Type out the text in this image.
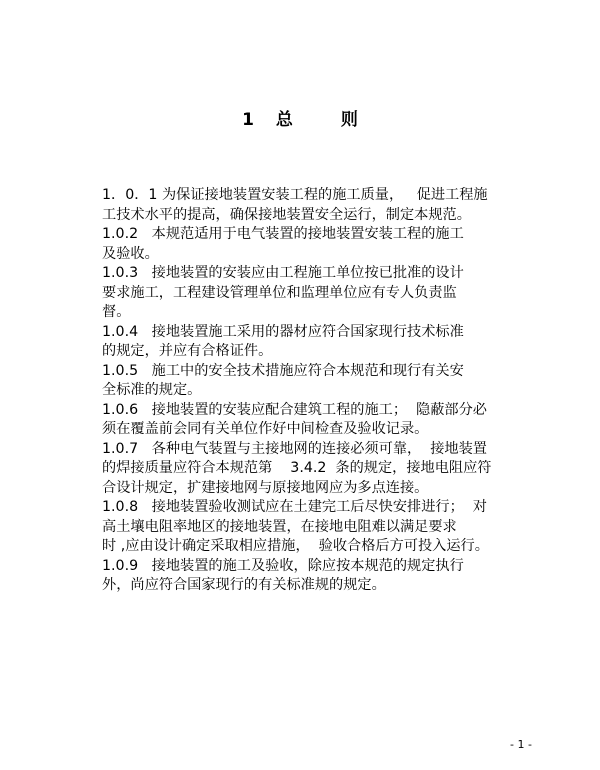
1 总	则
1．0．1 为保证接地装置安装工程的施工质量，   促进工程施
工技术水平的提高，确保接地装置安全运行，制定本规范。
1.0.2   本规范适用于电气装置的接地装置安装工程的施工
及验收。
1.0.3   接地装置的安装应由工程施工单位按已批准的设计
要求施工，工程建设管理单位和监理单位应有专人负责监
督。
1.0.4   接地装置施工采用的器材应符合国家现行技术标准
的规定，并应有合格证件。
1.0.5   施工中的安全技术措施应符合本规范和现行有关安
全标准的规定。
1.0.6   接地装置的安装应配合建筑工程的施工；  隐蔽部分必
须在覆盖前会同有关单位作好中间检查及验收记录。
1.0.7   各种电气装置与主接地网的连接必须可靠，  接地装置
的焊接质量应符合本规范第    3.4.2  条的规定，接地电阻应符
合设计规定，扩建接地网与原接地网应为多点连接。
1.0.8   接地装置验收测试应在土建完工后尽快安排进行；  对
高土壤电阻率地区的接地装置，在接地电阻难以满足要求
时 ,应由设计确定采取相应措施，  验收合格后方可投入运行。
1.0.9   接地装置的施工及验收，除应按本规范的规定执行
外，尚应符合国家现行的有关标准规的规定。
- 1 -
